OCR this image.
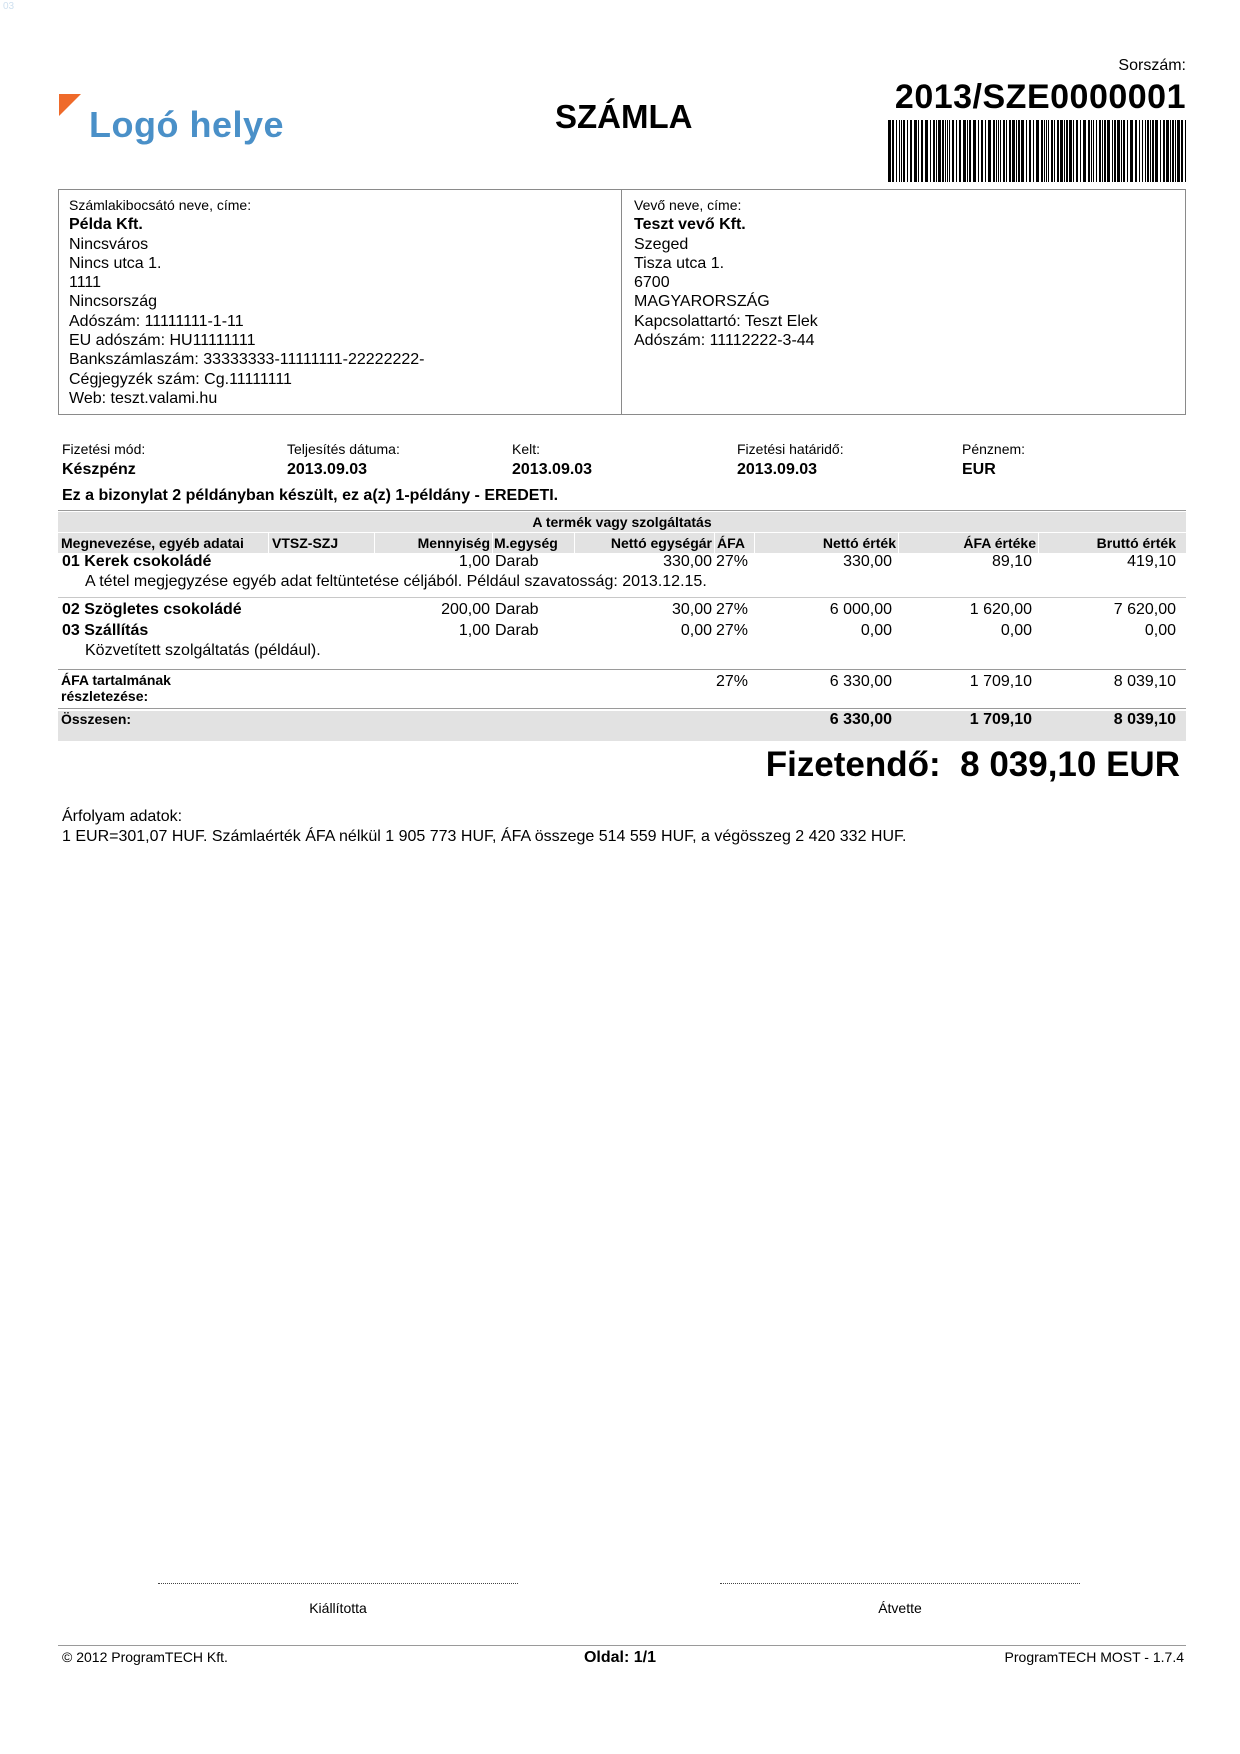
03
Logó helye	SZÁMLA
Sorszám:
2013/SZE0000001
Számlakibocsátó neve, címe:
Példa Kft.
Nincsváros
Nincs utca 1.
1111
Nincsország
Adószám: 11111111-1-11
EU adószám: HU11111111
Bankszámlaszám: 33333333-11111111-22222222-
Cégjegyzék szám: Cg.11111111
Web: teszt.valami.hu
Vevő neve, címe:
Teszt vevő Kft.
Szeged
Tisza utca 1.
6700
MAGYARORSZÁG
Kapcsolattartó: Teszt Elek
Adószám: 11112222-3-44
Fizetési mód:
Készpénz
Teljesítés dátuma:
2013.09.03
Kelt:
2013.09.03
Fizetési határidő:
2013.09.03
Pénznem:
EUR
Ez a bizonylat 2 példányban készült, ez a(z) 1-példány - EREDETI.
A termék vagy szolgáltatás
Megnevezése, egyéb adatai VTSZ-SZJ	Mennyiség M.egység	Nettó egységár ÁFA	Nettó érték	ÁFA értéke	Bruttó érték
01 Kerek csokoládé	1,00 Darab	330,00 27%	330,00	89,10	419,10
A tétel megjegyzése egyéb adat feltüntetése céljából. Például szavatosság: 2013.12.15.
02 Szögletes csokoládé	200,00 Darab	30,00 27%	6 000,00	1 620,00	7 620,00
03 Szállítás	1,00 Darab	0,00 27%	0,00	0,00	0,00
Közvetített szolgáltatás (például).
ÁFA tartalmának
részletezése:
27%	6 330,00	1 709,10	8 039,10
Összesen:	6 330,00	1 709,10	8 039,10
Fizetendő: 8 039,10 EUR
Árfolyam adatok:
1 EUR=301,07 HUF. Számlaérték ÁFA nélkül 1 905 773 HUF, ÁFA összege 514 559 HUF, a végösszeg 2 420 332 HUF.
Kiállította	Átvette
© 2012 ProgramTECH Kft.	Oldal: 1/1	ProgramTECH MOST - 1.7.4
